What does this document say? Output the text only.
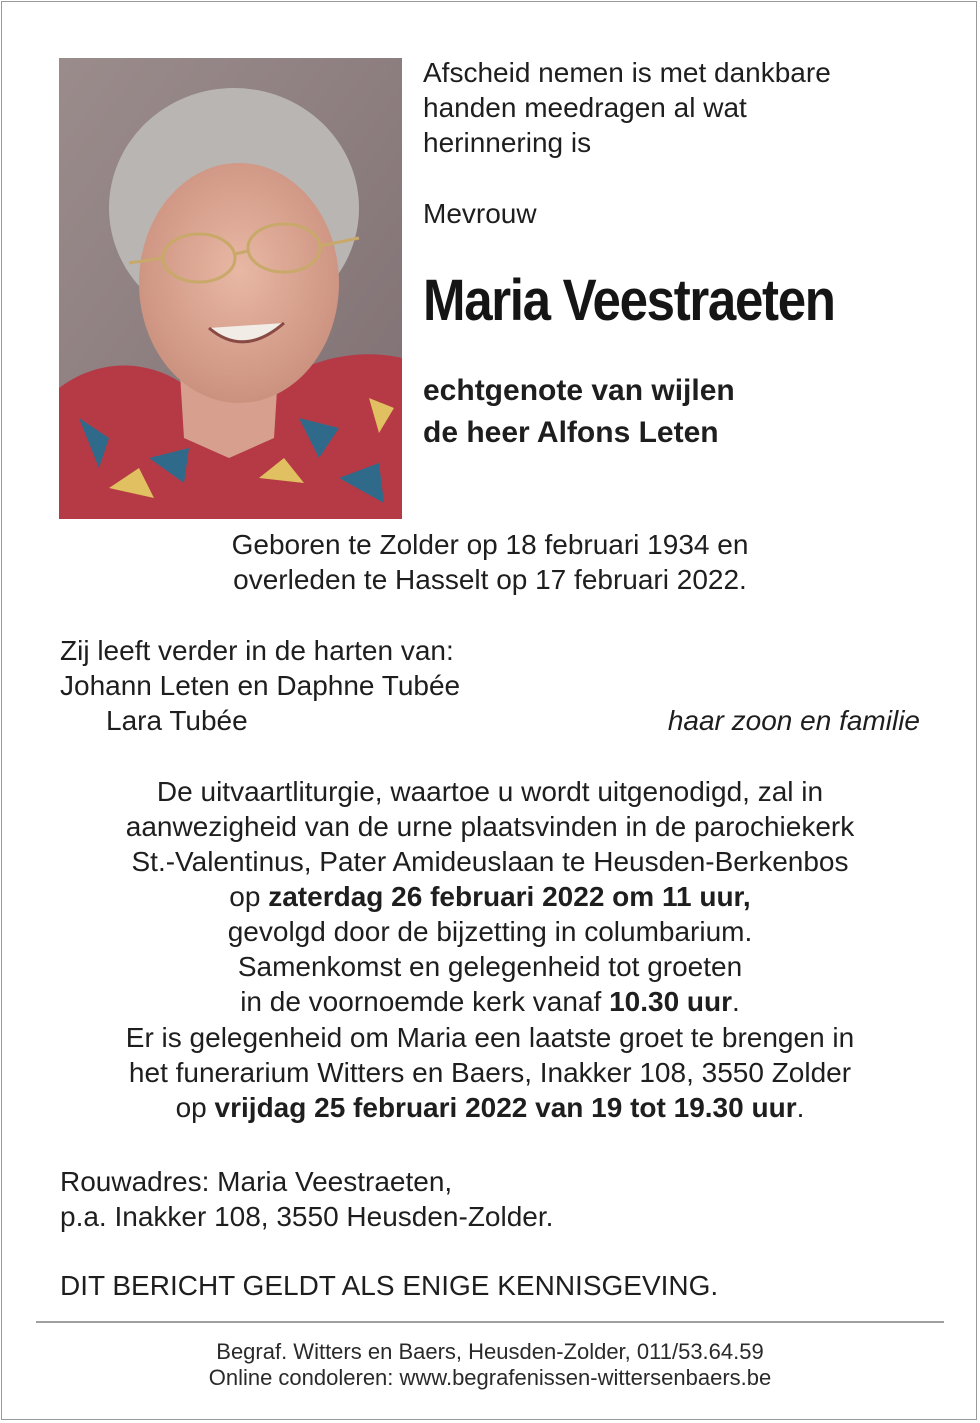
Afscheid nemen is met dankbare
handen meedragen al wat
herinnering is
Mevrouw
Maria Veestraeten
echtgenote van wijlen
de heer Alfons Leten
Geboren te Zolder op 18 februari 1934 en
overleden te Hasselt op 17 februari 2022.
Zij leeft verder in de harten van:
Johann Leten en Daphne Tubée
Lara Tubée	haar zoon en familie
De uitvaartliturgie, waartoe u wordt uitgenodigd, zal in
aanwezigheid van de urne plaatsvinden in de parochiekerk
St.-Valentinus, Pater Amideuslaan te Heusden-Berkenbos
op zaterdag 26 februari 2022 om 11 uur,
gevolgd door de bijzetting in columbarium.
Samenkomst en gelegenheid tot groeten
in de voornoemde kerk vanaf 10.30 uur.
Er is gelegenheid om Maria een laatste groet te brengen in
het funerarium Witters en Baers, Inakker 108, 3550 Zolder
op vrijdag 25 februari 2022 van 19 tot 19.30 uur.
Rouwadres: Maria Veestraeten,
p.a. Inakker 108, 3550 Heusden-Zolder.
DIT BERICHT GELDT ALS ENIGE KENNISGEVING.
Begraf. Witters en Baers, Heusden-Zolder, 011/53.64.59
Online condoleren: www.begrafenissen-wittersenbaers.be
